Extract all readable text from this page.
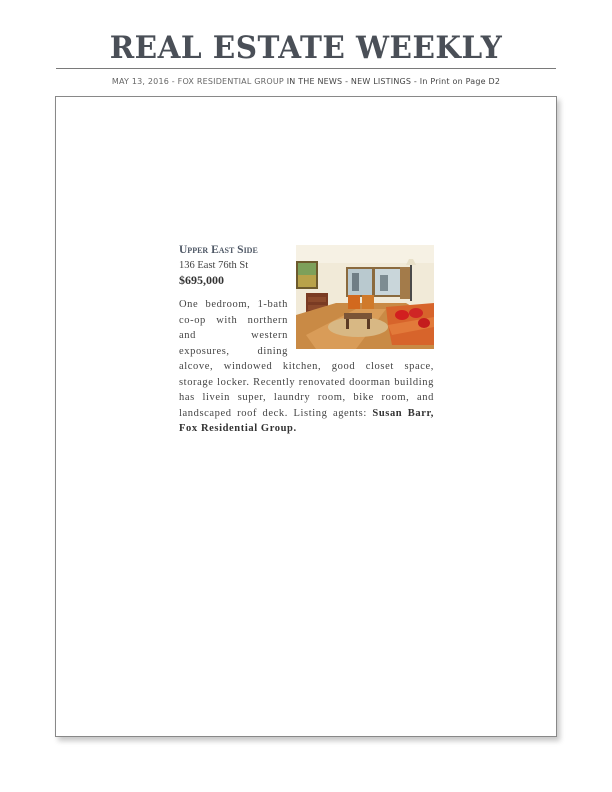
REAL ESTATE WEEKLY
MAY 13, 2016 - FOX RESIDENTIAL GROUP IN THE NEWS - NEW LISTINGS - In Print on Page D2
Upper East Side
136 East 76th St
$695,000
One bedroom, 1-bath co-op with northern and western exposures, dining alcove, windowed kitchen, good closet space, storage locker. Recently renovated doorman building has livein super, laundry room, bike room, and landscaped roof deck. Listing agents: Susan Barr, Fox Residential Group.
